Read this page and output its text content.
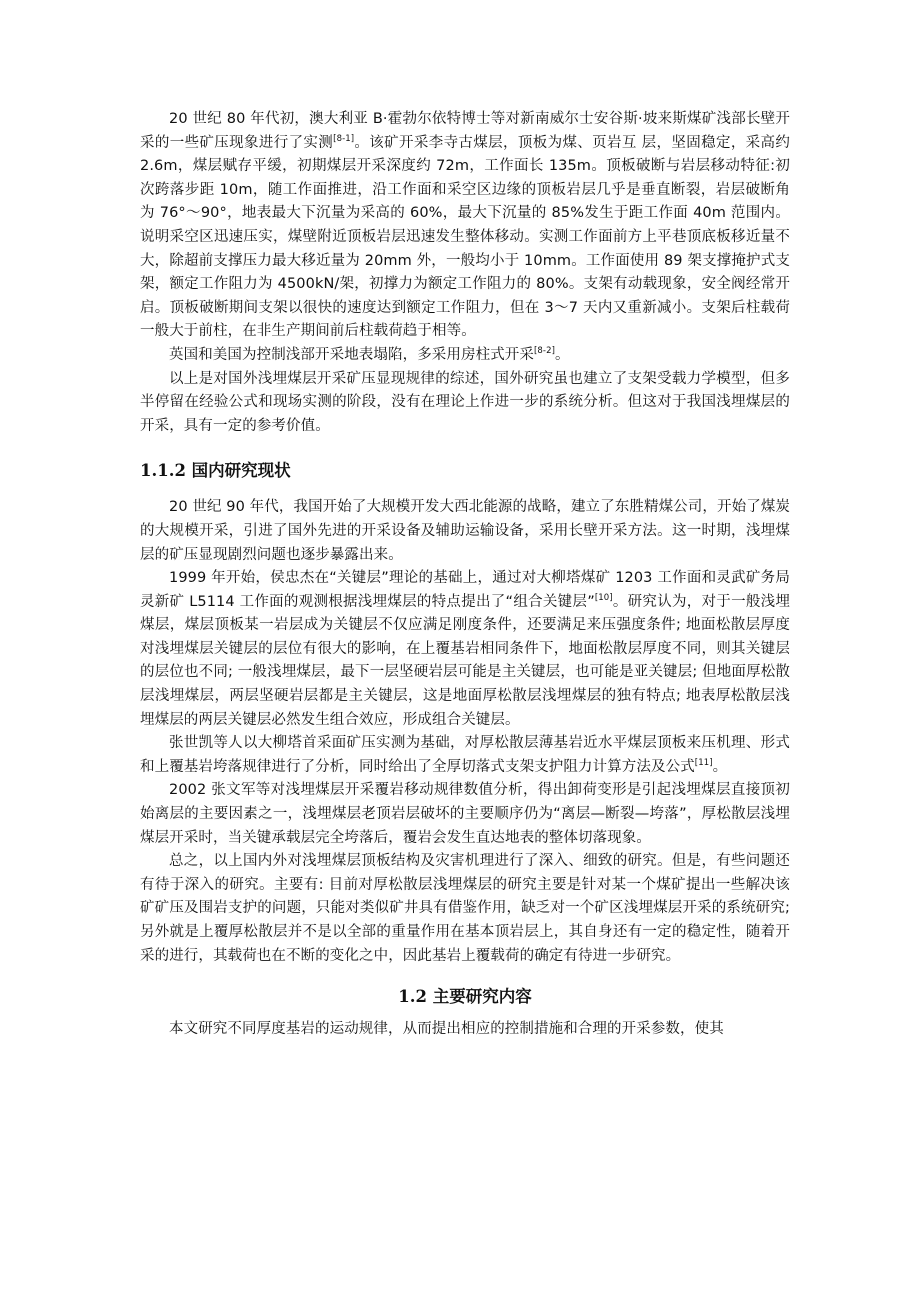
20 世纪 80 年代初，澳大利亚 B·霍勃尔依特博士等对新南威尔士安谷斯·坡来斯煤矿浅部长壁开采的一些矿压现象进行了实测[8-1]。该矿开采李寺古煤层，顶板为煤、页岩互 层，坚固稳定，采高约 2.6m，煤层赋存平缓，初期煤层开采深度约 72m，工作面长 135m。顶板破断与岩层移动特征:初次跨落步距 10m，随工作面推进，沿工作面和采空区边缘的顶板岩层几乎是垂直断裂，岩层破断角为 76°～90°，地表最大下沉量为采高的 60%，最大下沉量的 85%发生于距工作面 40m 范围内。说明采空区迅速压实，煤壁附近顶板岩层迅速发生整体移动。实测工作面前方上平巷顶底板移近量不大，除超前支撑压力最大移近量为 20mm 外，一般均小于 10mm。工作面使用 89 架支撑掩护式支架，额定工作阻力为 4500kN/架，初撑力为额定工作阻力的 80%。支架有动载现象，安全阀经常开启。顶板破断期间支架以很快的速度达到额定工作阻力，但在 3～7 天内又重新减小。支架后柱载荷一般大于前柱，在非生产期间前后柱载荷趋于相等。

英国和美国为控制浅部开采地表塌陷，多采用房柱式开采[8-2]。

以上是对国外浅埋煤层开采矿压显现规律的综述，国外研究虽也建立了支架受载力学模型，但多半停留在经验公式和现场实测的阶段，没有在理论上作进一步的系统分析。但这对于我国浅埋煤层的开采，具有一定的参考价值。

1.1.2 国内研究现状

20 世纪 90 年代，我国开始了大规模开发大西北能源的战略，建立了东胜精煤公司，开始了煤炭的大规模开采，引进了国外先进的开采设备及辅助运输设备，采用长壁开采方法。这一时期，浅埋煤层的矿压显现剧烈问题也逐步暴露出来。

1999 年开始，侯忠杰在“关键层”理论的基础上，通过对大柳塔煤矿 1203 工作面和灵武矿务局灵新矿 L5114 工作面的观测根据浅埋煤层的特点提出了“组合关键层”[10]。研究认为，对于一般浅埋煤层，煤层顶板某一岩层成为关键层不仅应满足刚度条件，还要满足来压强度条件; 地面松散层厚度对浅埋煤层关键层的层位有很大的影响，在上覆基岩相同条件下，地面松散层厚度不同，则其关键层的层位也不同; 一般浅埋煤层，最下一层坚硬岩层可能是主关键层，也可能是亚关键层; 但地面厚松散层浅埋煤层，两层坚硬岩层都是主关键层，这是地面厚松散层浅埋煤层的独有特点; 地表厚松散层浅埋煤层的两层关键层必然发生组合效应，形成组合关键层。

张世凯等人以大柳塔首采面矿压实测为基础，对厚松散层薄基岩近水平煤层顶板来压机理、形式和上覆基岩垮落规律进行了分析，同时给出了全厚切落式支架支护阻力计算方法及公式[11]。

2002 张文军等对浅埋煤层开采覆岩移动规律数值分析，得出卸荷变形是引起浅埋煤层直接顶初始离层的主要因素之一，浅埋煤层老顶岩层破坏的主要顺序仍为“离层—断裂—垮落”，厚松散层浅埋煤层开采时，当关键承载层完全垮落后，覆岩会发生直达地表的整体切落现象。

总之，以上国内外对浅埋煤层顶板结构及灾害机理进行了深入、细致的研究。但是，有些问题还有待于深入的研究。主要有: 目前对厚松散层浅埋煤层的研究主要是针对某一个煤矿提出一些解决该矿矿压及围岩支护的问题，只能对类似矿井具有借鉴作用，缺乏对一个矿区浅埋煤层开采的系统研究; 另外就是上覆厚松散层并不是以全部的重量作用在基本顶岩层上，其自身还有一定的稳定性，随着开采的进行，其载荷也在不断的变化之中，因此基岩上覆载荷的确定有待进一步研究。

1.2 主要研究内容

本文研究不同厚度基岩的运动规律，从而提出相应的控制措施和合理的开采参数，使其
